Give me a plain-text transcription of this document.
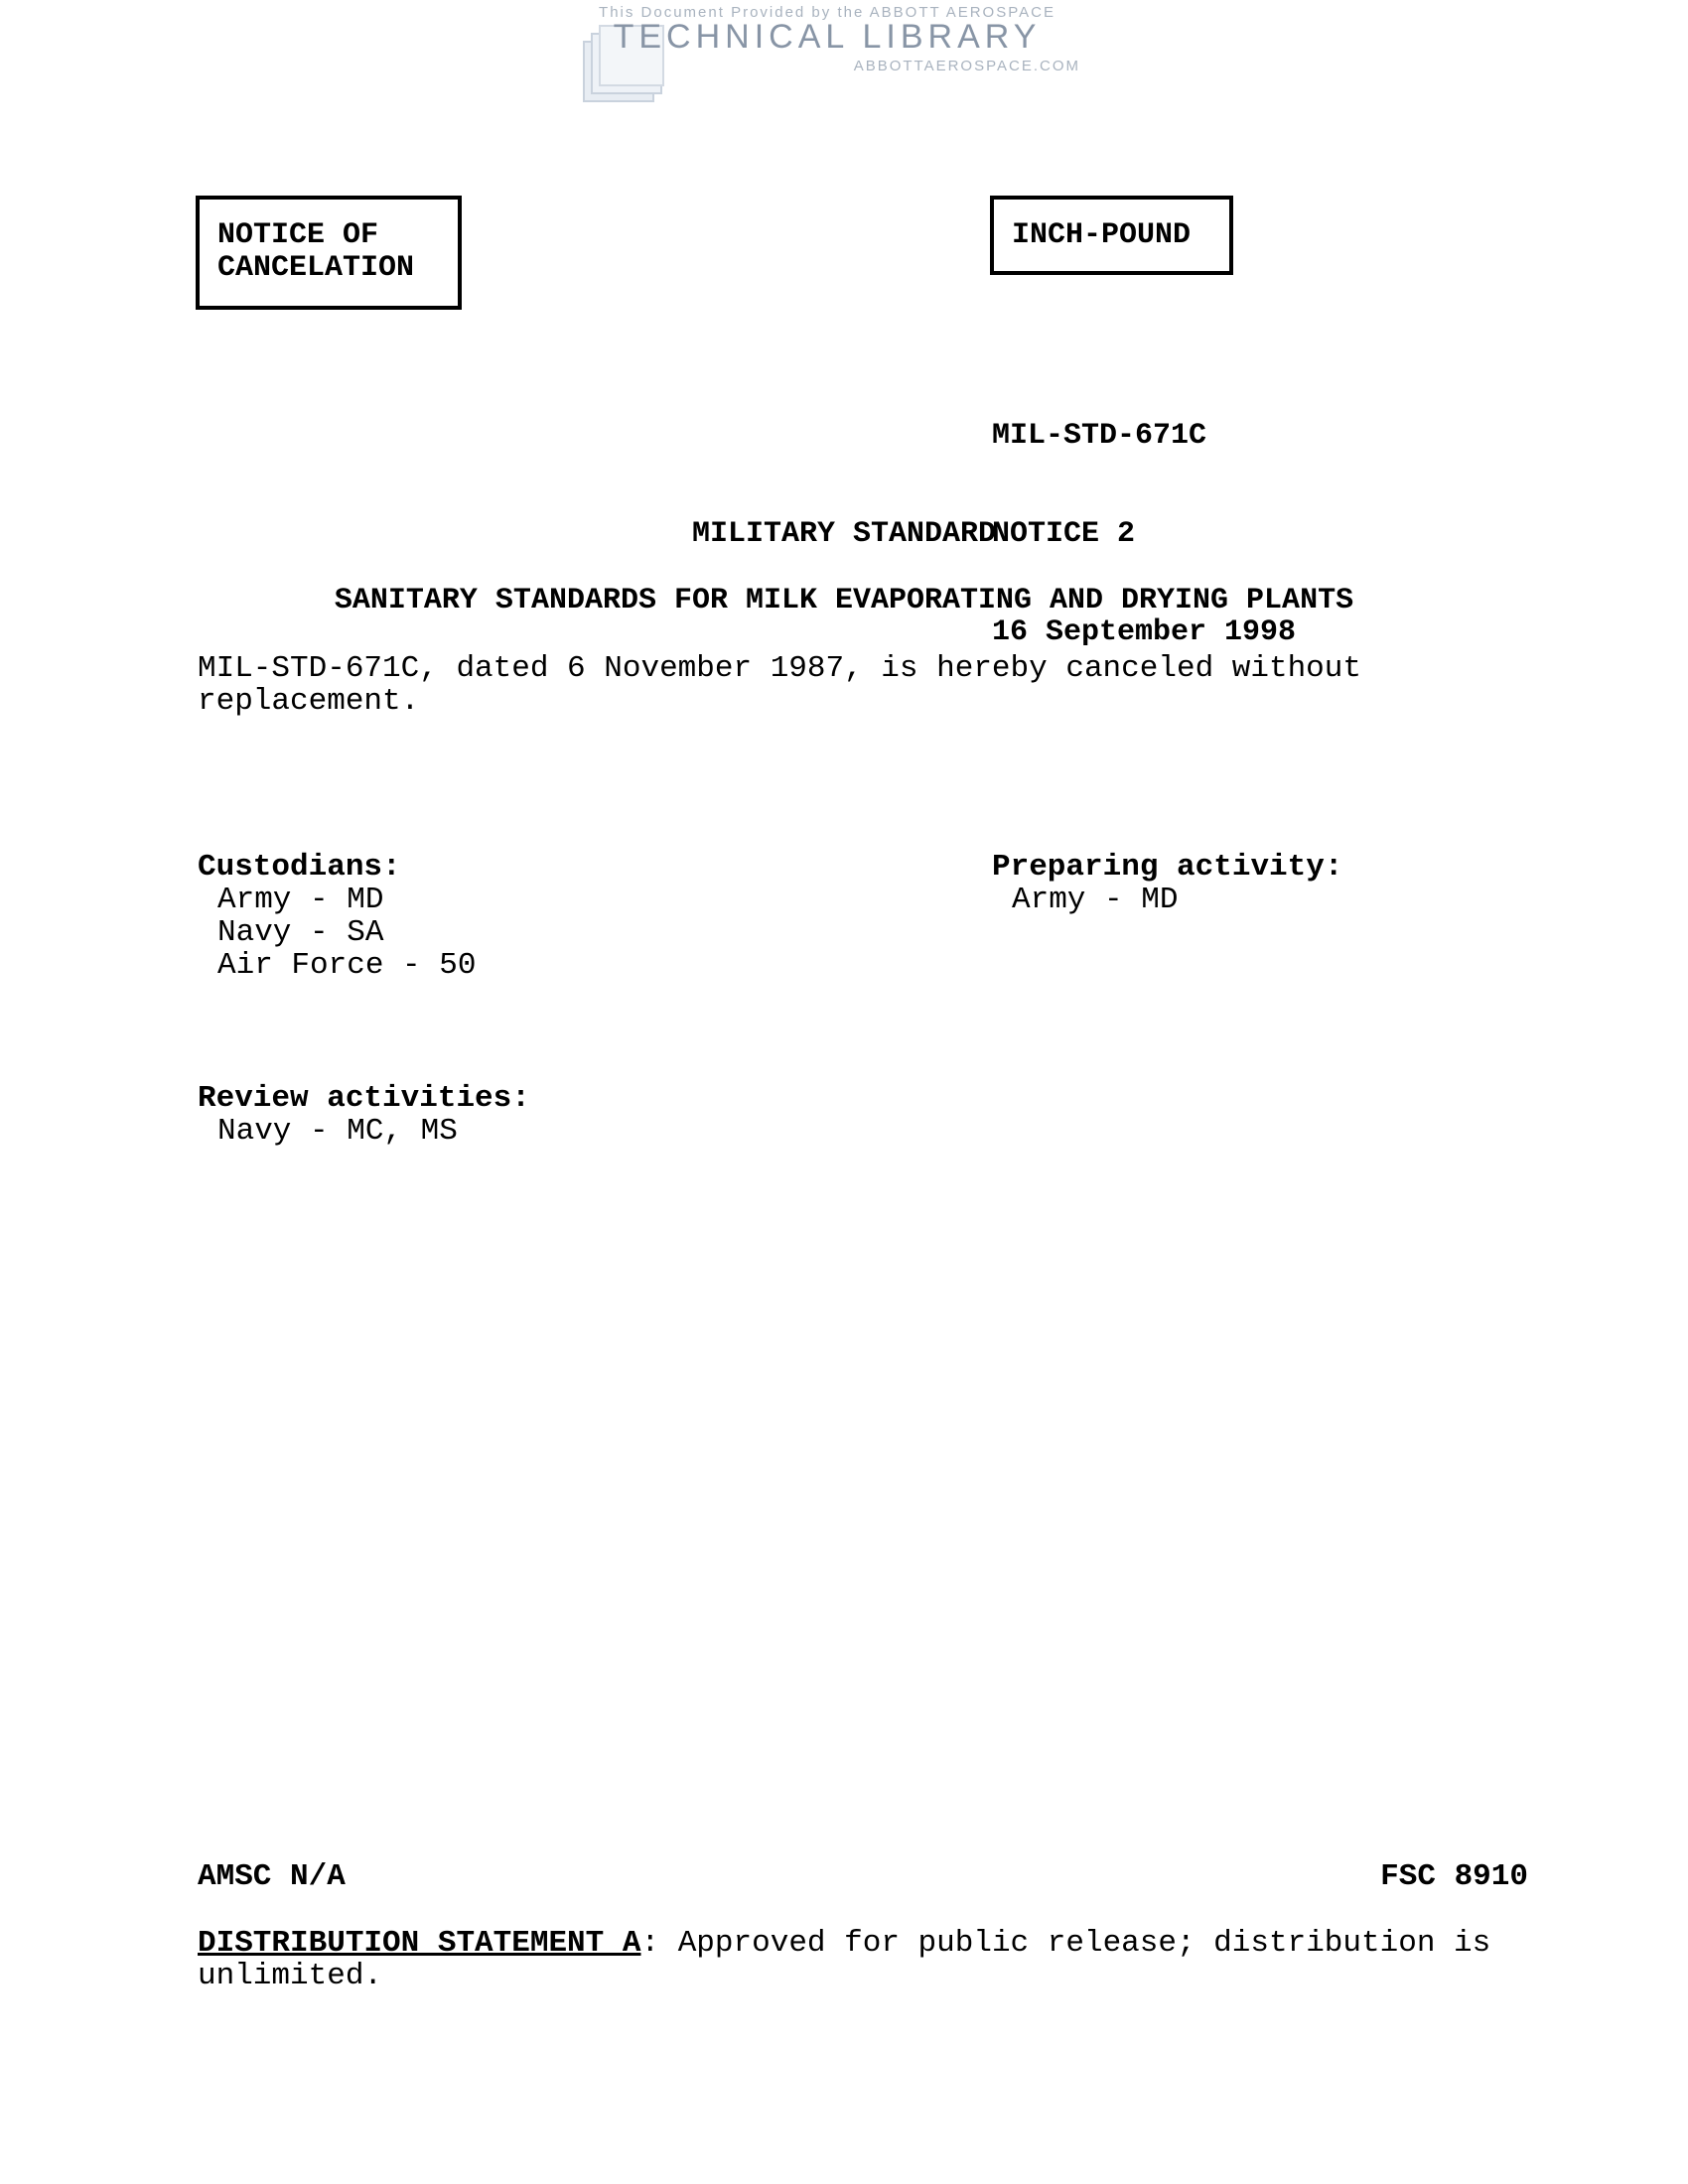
This Document Provided by the ABBOTT AEROSPACE
TECHNICAL LIBRARY
ABBOTTAEROSPACE.COM
NOTICE OF
CANCELATION
INCH-POUND

MIL-STD-671C

NOTICE 2

16 September 1998

MILITARY STANDARD
SANITARY STANDARDS FOR MILK EVAPORATING AND DRYING PLANTS
MIL-STD-671C, dated 6 November 1987, is hereby canceled without replacement.
Custodians:
Army - MD
Navy - SA
Air Force - 50
Preparing activity:
Army - MD
Review activities:
Navy - MC, MS
AMSC N/A	FSC 8910
DISTRIBUTION STATEMENT A: Approved for public release; distribution is unlimited.
